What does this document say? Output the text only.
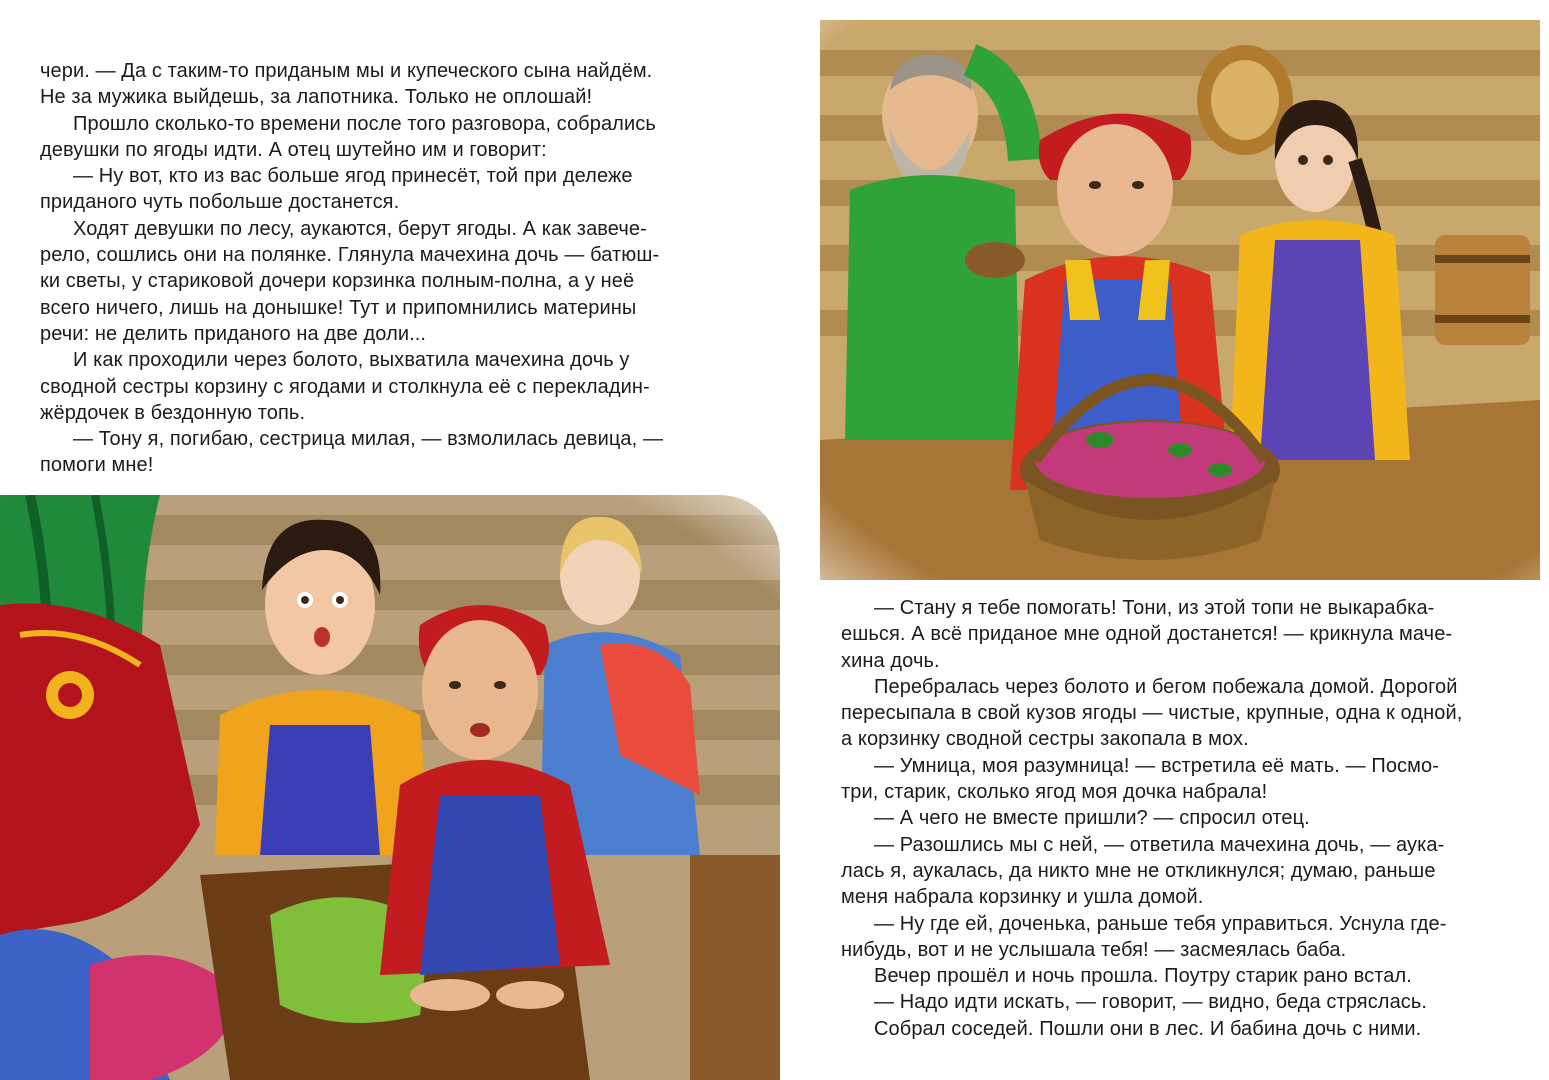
чери. — Да с таким-то приданым мы и купеческого сына найдём.

Не за мужика выйдешь, за лапотника. Только не оплошай!

Прошло сколько-то времени после того разговора, собрались

девушки по ягоды идти. А отец шутейно им и говорит:

— Ну вот, кто из вас больше ягод принесёт, той при дележе

приданого чуть побольше достанется.

Ходят девушки по лесу, аукаются, берут ягоды. А как завече-

рело, сошлись они на полянке. Глянула мачехина дочь — батюш-

ки светы, у стариковой дочери корзинка полным-полна, а у неё

всего ничего, лишь на донышке! Тут и припомнились материны

речи: не делить приданого на две доли...

И как проходили через болото, выхватила мачехина дочь у

сводной сестры корзину с ягодами и столкнула её с перекладин-

жёрдочек в бездонную топь.

— Тону я, погибаю, сестрица милая, — взмолилась девица, —

помоги мне!

— Стану я тебе помогать! Тони, из этой топи не выкарабка-

ешься. А всё приданое мне одной достанется! — крикнула маче-

хина дочь.

Перебралась через болото и бегом побежала домой. Дорогой

пересыпала в свой кузов ягоды — чистые, крупные, одна к одной,

а корзинку сводной сестры закопала в мох.

— Умница, моя разумница! — встретила её мать. — Посмо-

три, старик, сколько ягод моя дочка набрала!

— А чего не вместе пришли? — спросил отец.

— Разошлись мы с ней, — ответила мачехина дочь, — аука-

лась я, аукалась, да никто мне не откликнулся; думаю, раньше

меня набрала корзинку и ушла домой.

— Ну где ей, доченька, раньше тебя управиться. Уснула где-

нибудь, вот и не услышала тебя! — засмеялась баба.

Вечер прошёл и ночь прошла. Поутру старик рано встал.

— Надо идти искать, — говорит, — видно, беда стряслась.

Собрал соседей. Пошли они в лес. И бабина дочь с ними.
